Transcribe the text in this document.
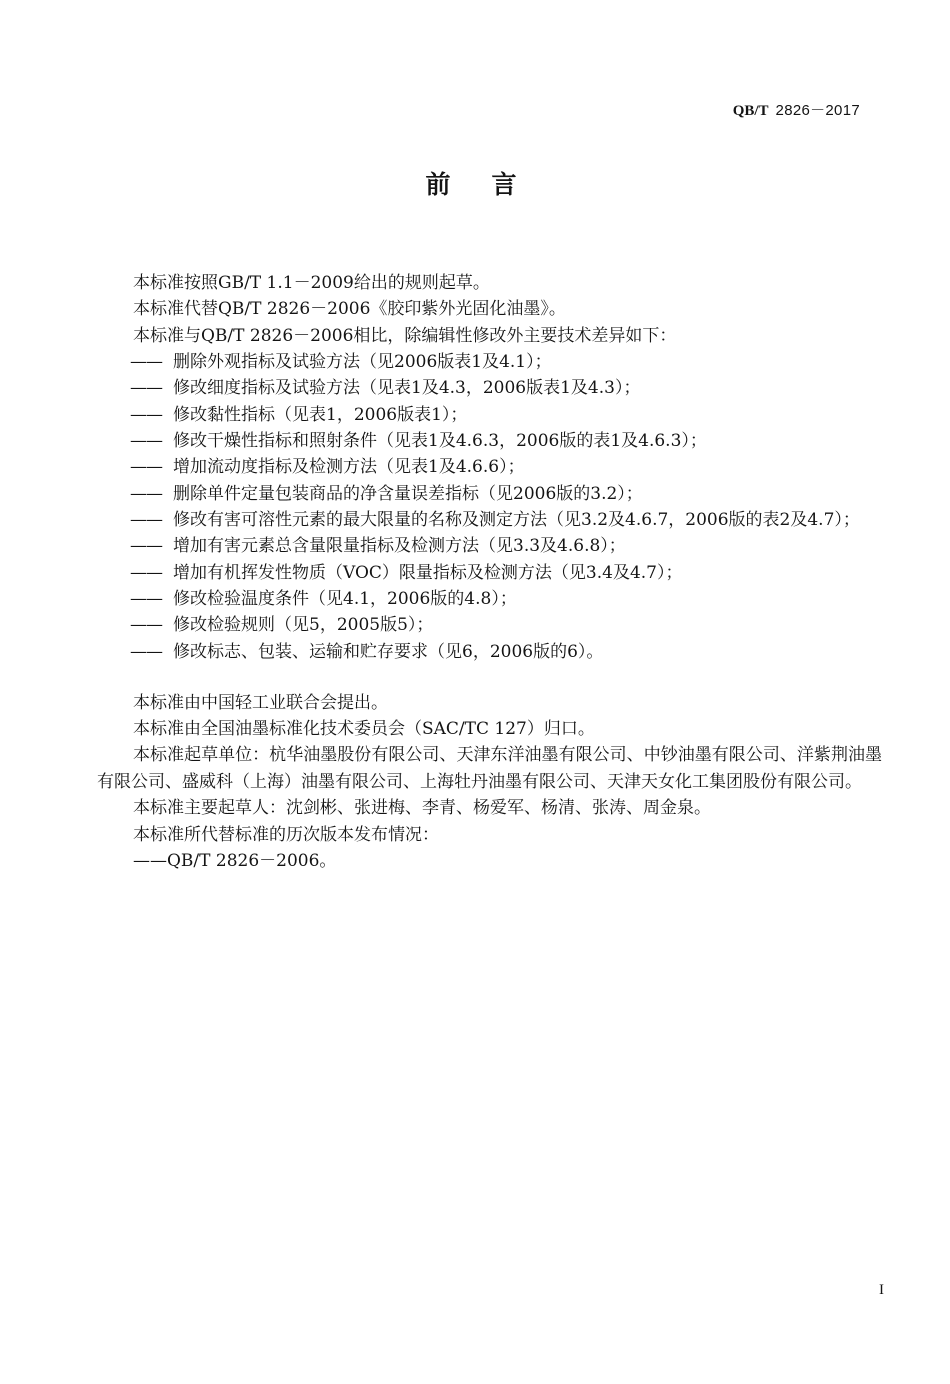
QB/T 2826－2017
前　言

本标准按照GB/T 1.1－2009给出的规则起草。

本标准代替QB/T 2826－2006《胶印紫外光固化油墨》。

本标准与QB/T 2826－2006相比，除编辑性修改外主要技术差异如下：

—— 删除外观指标及试验方法（见2006版表1及4.1）；
—— 修改细度指标及试验方法（见表1及4.3，2006版表1及4.3）；
—— 修改黏性指标（见表1，2006版表1）；
—— 修改干燥性指标和照射条件（见表1及4.6.3，2006版的表1及4.6.3）；
—— 增加流动度指标及检测方法（见表1及4.6.6）；
—— 删除单件定量包装商品的净含量误差指标（见2006版的3.2）；
—— 修改有害可溶性元素的最大限量的名称及测定方法（见3.2及4.6.7，2006版的表2及4.7）；
—— 增加有害元素总含量限量指标及检测方法（见3.3及4.6.8）；
—— 增加有机挥发性物质（VOC）限量指标及检测方法（见3.4及4.7）；
—— 修改检验温度条件（见4.1，2006版的4.8）；
—— 修改检验规则（见5，2005版5）；
—— 修改标志、包装、运输和贮存要求（见6，2006版的6）。

本标准由中国轻工业联合会提出。

本标准由全国油墨标准化技术委员会（SAC/TC 127）归口。

本标准起草单位：杭华油墨股份有限公司、天津东洋油墨有限公司、中钞油墨有限公司、洋紫荆油墨有限公司、盛威科（上海）油墨有限公司、上海牡丹油墨有限公司、天津天女化工集团股份有限公司。

本标准主要起草人：沈剑彬、张进梅、李青、杨爱军、杨清、张涛、周金泉。

本标准所代替标准的历次版本发布情况：

——QB/T 2826－2006。

I
